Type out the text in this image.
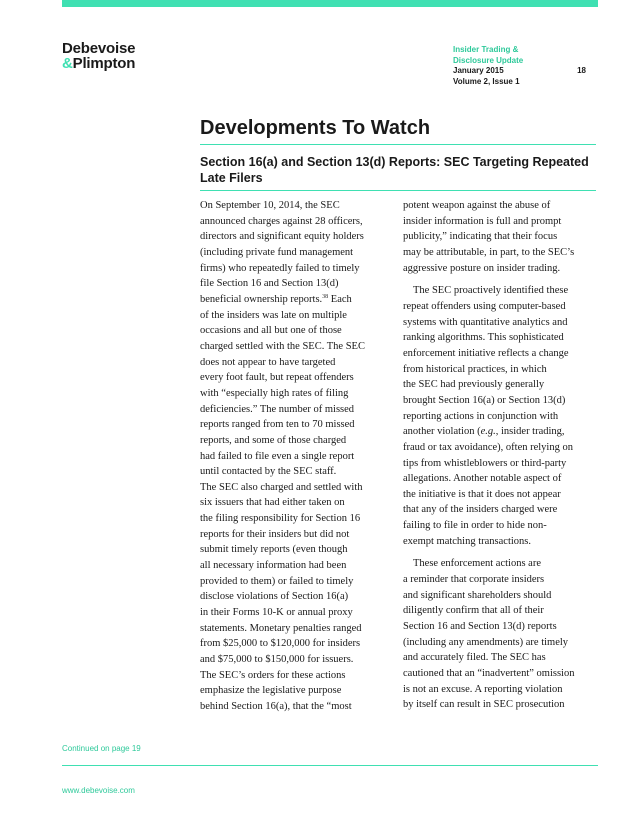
Debevoise
&Plimpton
Insider Trading &
Disclosure Update
January 2015
Volume 2, Issue 1
18
Developments To Watch
Section 16(a) and Section 13(d) Reports: SEC Targeting Repeated
Late Filers

On September 10, 2014, the SEC

announced charges against 28 officers,

directors and significant equity holders

(including private fund management

firms) who repeatedly failed to timely

file Section 16 and Section 13(d)

beneficial ownership reports.$^{38}$ Each

of the insiders was late on multiple

occasions and all but one of those

charged settled with the SEC. The SEC

does not appear to have targeted

every foot fault, but repeat offenders

with “especially high rates of filing

deficiencies.” The number of missed

reports ranged from ten to 70 missed

reports, and some of those charged

had failed to file even a single report

until contacted by the SEC staff.

The SEC also charged and settled with

six issuers that had either taken on

the filing responsibility for Section 16

reports for their insiders but did not

submit timely reports (even though

all necessary information had been

provided to them) or failed to timely

disclose violations of Section 16(a)

in their Forms 10-K or annual proxy

statements. Monetary penalties ranged

from $25,000 to $120,000 for insiders

and $75,000 to $150,000 for issuers.

The SEC’s orders for these actions

emphasize the legislative purpose

behind Section 16(a), that the “most

potent weapon against the abuse of

insider information is full and prompt

publicity,” indicating that their focus

may be attributable, in part, to the SEC’s

aggressive posture on insider trading.

The SEC proactively identified these

repeat offenders using computer-based

systems with quantitative analytics and

ranking algorithms. This sophisticated

enforcement initiative reflects a change

from historical practices, in which

the SEC had previously generally

brought Section 16(a) or Section 13(d)

reporting actions in conjunction with

another violation (e.g., insider trading,

fraud or tax avoidance), often relying on

tips from whistleblowers or third-party

allegations. Another notable aspect of

the initiative is that it does not appear

that any of the insiders charged were

failing to file in order to hide non-

exempt matching transactions.

These enforcement actions are

a reminder that corporate insiders

and significant shareholders should

diligently confirm that all of their

Section 16 and Section 13(d) reports

(including any amendments) are timely

and accurately filed. The SEC has

cautioned that an “inadvertent” omission

is not an excuse. A reporting violation

by itself can result in SEC prosecution

Continued on page 19
www.debevoise.com
